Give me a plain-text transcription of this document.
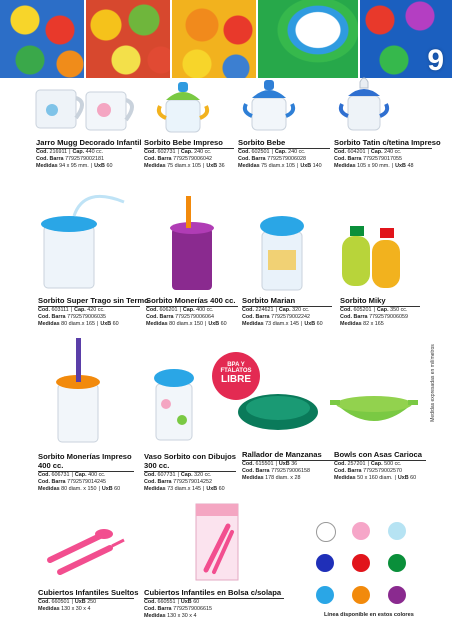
9
BPA Y
FTALATOS
LIBRE
Jarro Mugg Decorado Infantil
Cod. 216911 | Cap. 440 cc.
Cod. Barra 7792579002181
Medidas 94 x 95 mm. | UxB 60
Sorbito Bebe Impreso
Cod. 602731 | Cap. 240 cc.
Cod. Barra 7792579006042
Medidas 75 diam.x 105 | UxB 36
Sorbito Bebe
Cod. 602501 | Cap. 240 cc.
Cod. Barra 7792579006028
Medidas 75 diam.x 105 | UxB 140
Sorbito Tatin c/tetina Impreso
Cod. 604201 | Cap. 240 cc.
Cod. Barra 7792579017055
Medidas 105 x 90 mm. | UxB 48
Sorbito Super Trago sin Termo
Cod. 603111 | Cap. 420 cc.
Cod. Barra 7792579006035
Medidas 80 diam.x 165 | UxB 60
Sorbito Monerías 400 cc.
Cod. 606201 | Cap. 400 cc.
Cod. Barra 7792579006064
Medidas 80 diam.x 150 | UxB 60
Sorbito Marian
Cod. 224621 | Cap. 320 cc.
Cod. Barra 7792579002242
Medidas 73 diam.x 145 | UxB 60
Sorbito Miky
Cod. 605201 | Cap. 350 cc.
Cod. Barra 7792579006059
Medidas 82 x 165
Medidas expresadas en milímetros
Rallador de Manzanas
Cod. 615501 | UxB 36
Cod. Barra 7792579006158
Medidas 178 diam. x 28
Bowls con Asas Carioca
Cod. 257201 | Cap. 500 cc.
Cod. Barra 7792579002570
Medidas 50 x 160 diam. | UxB 60
Sorbito Monerías Impreso 400 cc.
Cod. 606731 | Cap. 400 cc.
Cod. Barra 7792579014245
Medidas 80 diam. x 150 | UxB 60
Vaso Sorbito con Dibujos 300 cc.
Cod. 607731 | Cap. 320 cc.
Cod. Barra 7792579014252
Medidas 73 diam.x 145 | UxB 60
Cubiertos Infantiles Sueltos
Cod. 660501 | UxB 250
Medidas 130 x 30 x 4
Cubiertos Infantiles en Bolsa c/solapa
Cod. 660551 | UxB 60
Cod. Barra 7792579006615
Medidas 130 x 30 x 4	Línea disponible en estos colores
